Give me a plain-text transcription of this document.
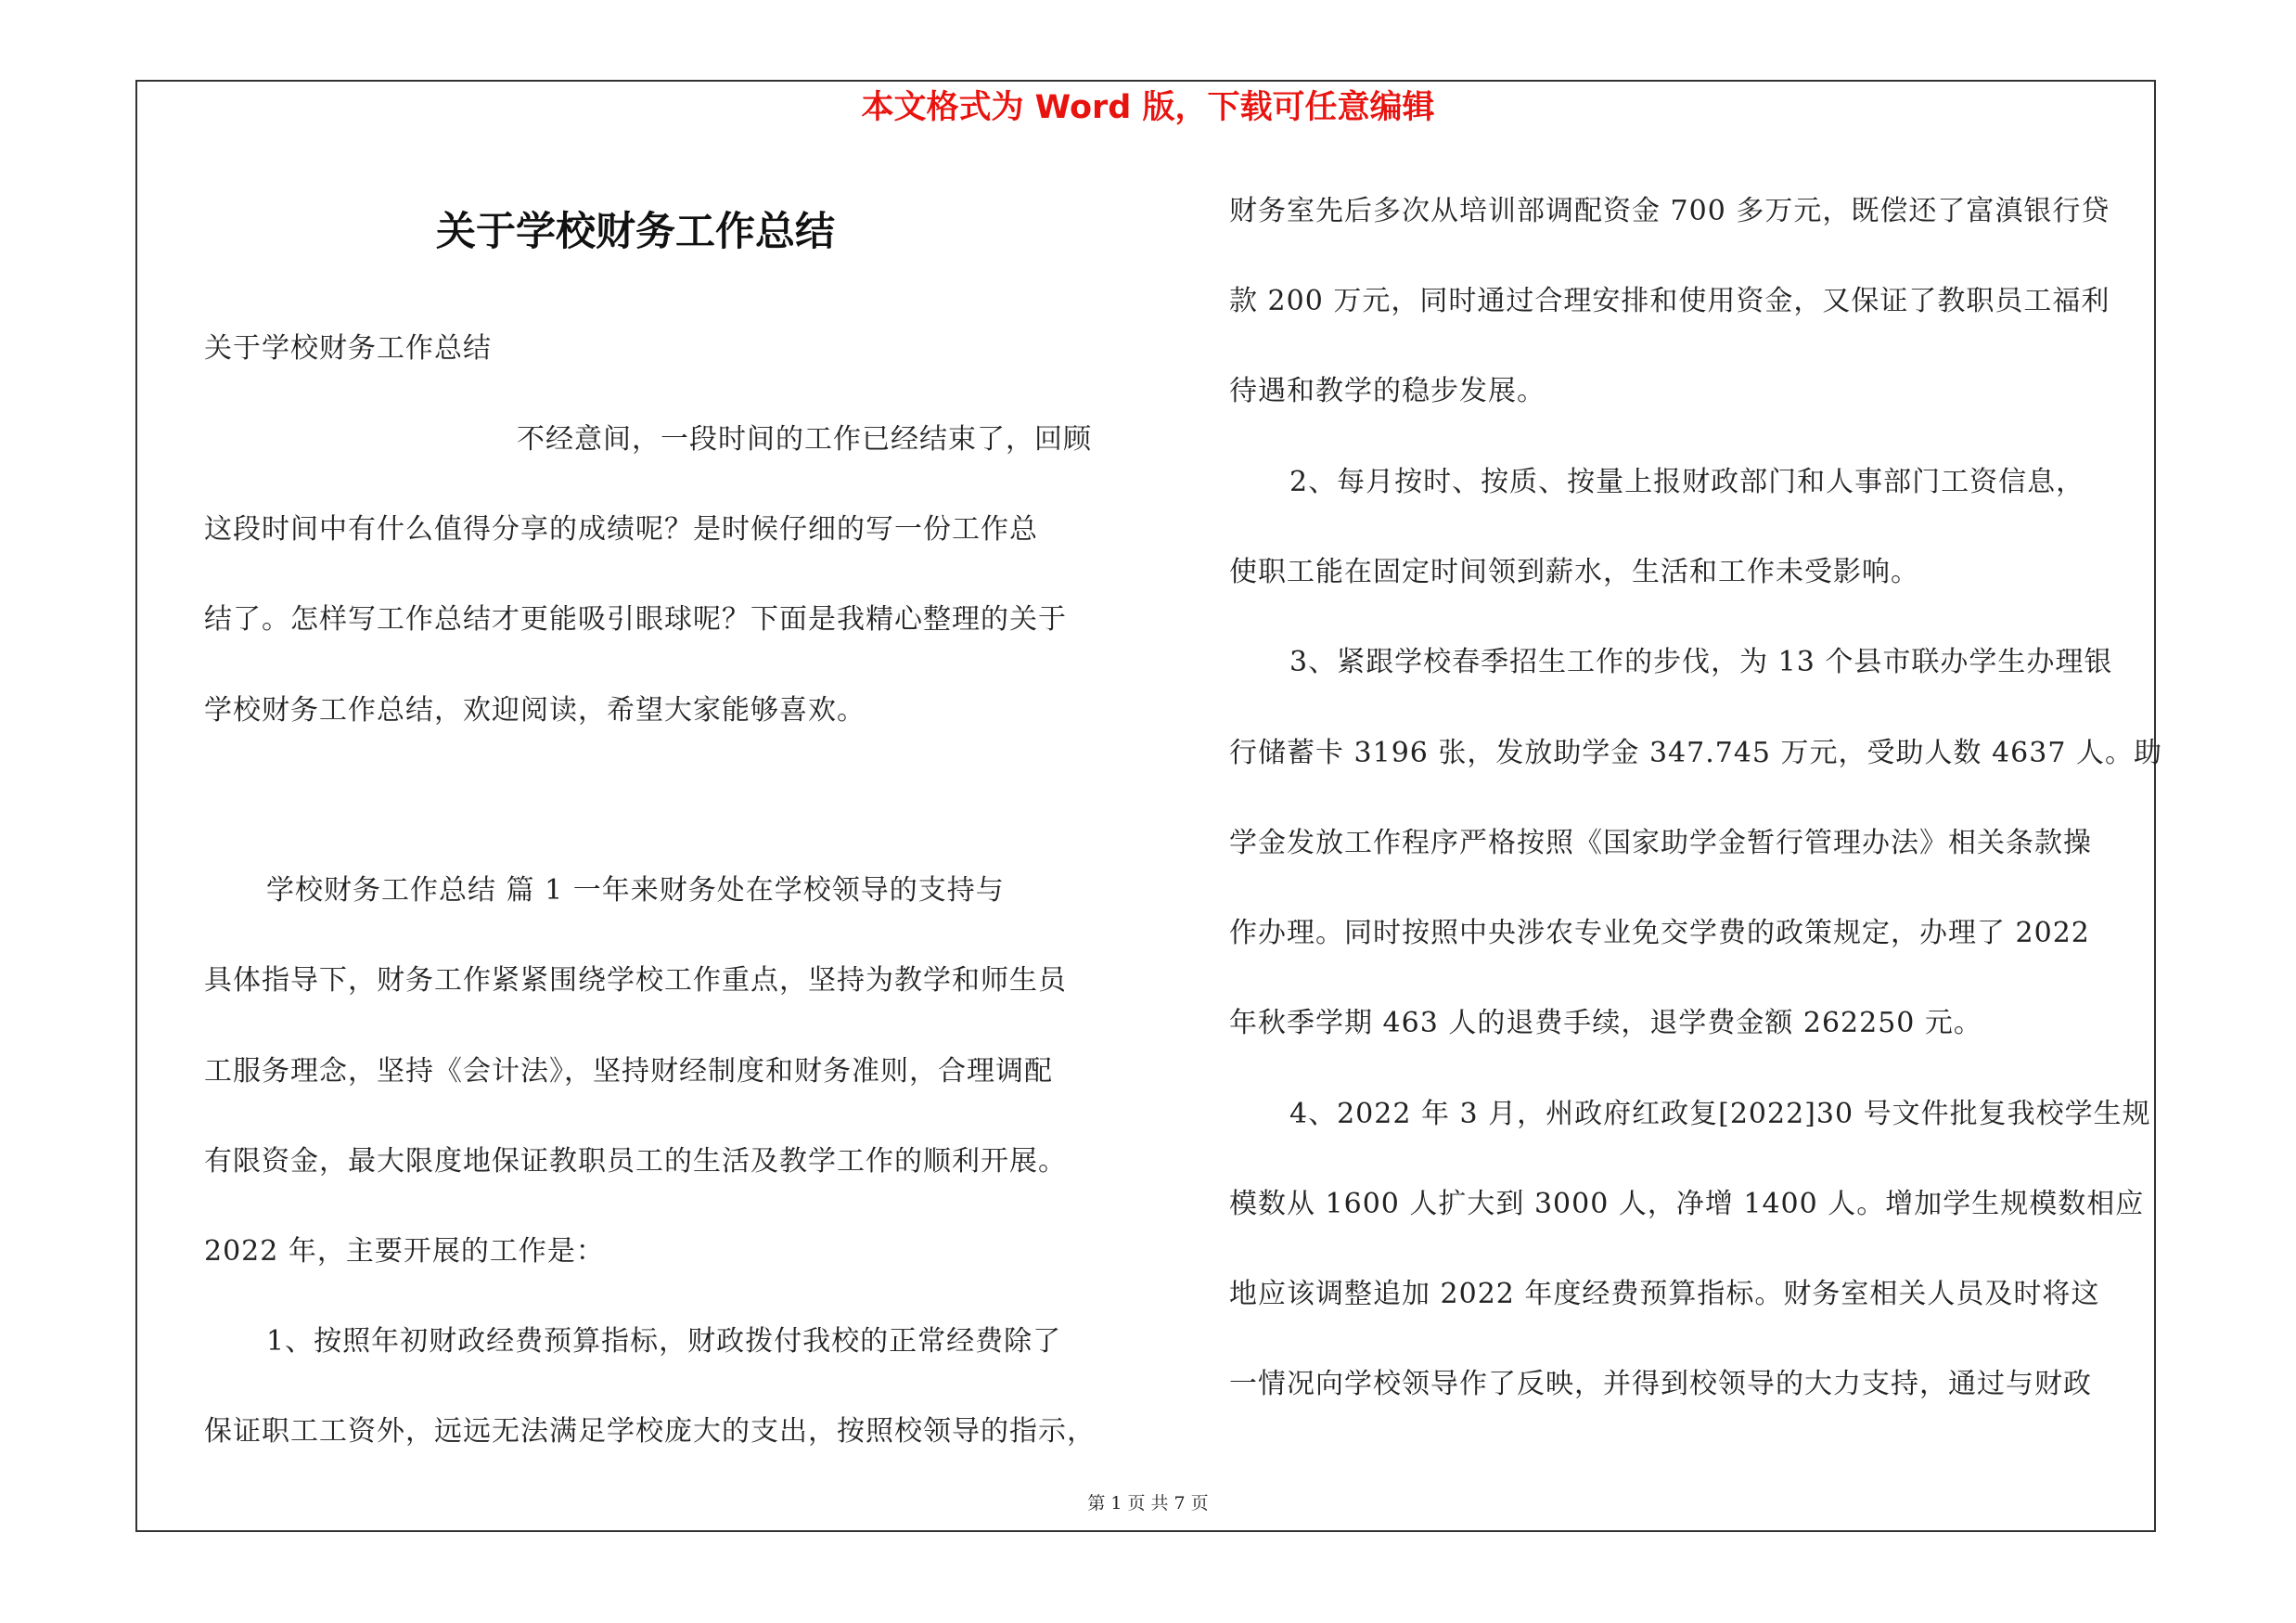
本文格式为 Word 版，下载可任意编辑
关于学校财务工作总结
关于学校财务工作总结
不经意间，一段时间的工作已经结束了，回顾
这段时间中有什么值得分享的成绩呢？是时候仔细的写一份工作总
结了。怎样写工作总结才更能吸引眼球呢？下面是我精心整理的关于
学校财务工作总结，欢迎阅读，希望大家能够喜欢。
学校财务工作总结 篇 1 一年来财务处在学校领导的支持与
具体指导下，财务工作紧紧围绕学校工作重点，坚持为教学和师生员
工服务理念，坚持《会计法》，坚持财经制度和财务准则，合理调配
有限资金，最大限度地保证教职员工的生活及教学工作的顺利开展。
2022 年，主要开展的工作是：
1、按照年初财政经费预算指标，财政拨付我校的正常经费除了
保证职工工资外，远远无法满足学校庞大的支出，按照校领导的指示，
财务室先后多次从培训部调配资金 700 多万元，既偿还了富滇银行贷
款 200 万元，同时通过合理安排和使用资金，又保证了教职员工福利
待遇和教学的稳步发展。
2、每月按时、按质、按量上报财政部门和人事部门工资信息，
使职工能在固定时间领到薪水，生活和工作未受影响。
3、紧跟学校春季招生工作的步伐，为 13 个县市联办学生办理银
行储蓄卡 3196 张，发放助学金 347.745 万元，受助人数 4637 人。助
学金发放工作程序严格按照《国家助学金暂行管理办法》相关条款操
作办理。同时按照中央涉农专业免交学费的政策规定，办理了 2022
年秋季学期 463 人的退费手续，退学费金额 262250 元。
4、2022 年 3 月，州政府红政复[2022]30 号文件批复我校学生规
模数从 1600 人扩大到 3000 人，净增 1400 人。增加学生规模数相应
地应该调整追加 2022 年度经费预算指标。财务室相关人员及时将这
一情况向学校领导作了反映，并得到校领导的大力支持，通过与财政
第 1 页 共 7 页
